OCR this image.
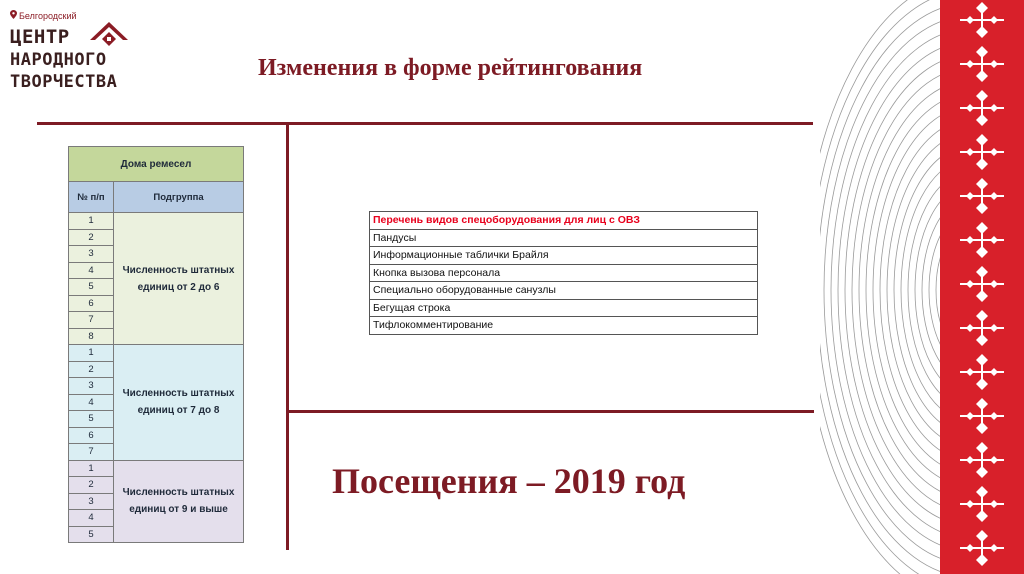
Белгородский
ЦЕНТР
НАРОДНОГО
ТВОРЧЕСТВА
Изменения в форме рейтингования
Дома ремесел	
№ п/п	Подгруппа
1	Численность штатных единиц от 2 до 6
2	
3	
4	
5	
6	
7	
8	
1	Численность штатных единиц от 7 до 8
2	
3	
4	
5	
6	
7	
1	Численность штатных единиц от 9 и выше
2	
3	
4	
5	
Перечень видов спецоборудования для лиц с ОВЗ
Пандусы
Информационные таблички Брайля
Кнопка вызова персонала
Специально оборудованные санузлы
Бегущая строка
Тифлокомментирование
Посещения – 2019 год
